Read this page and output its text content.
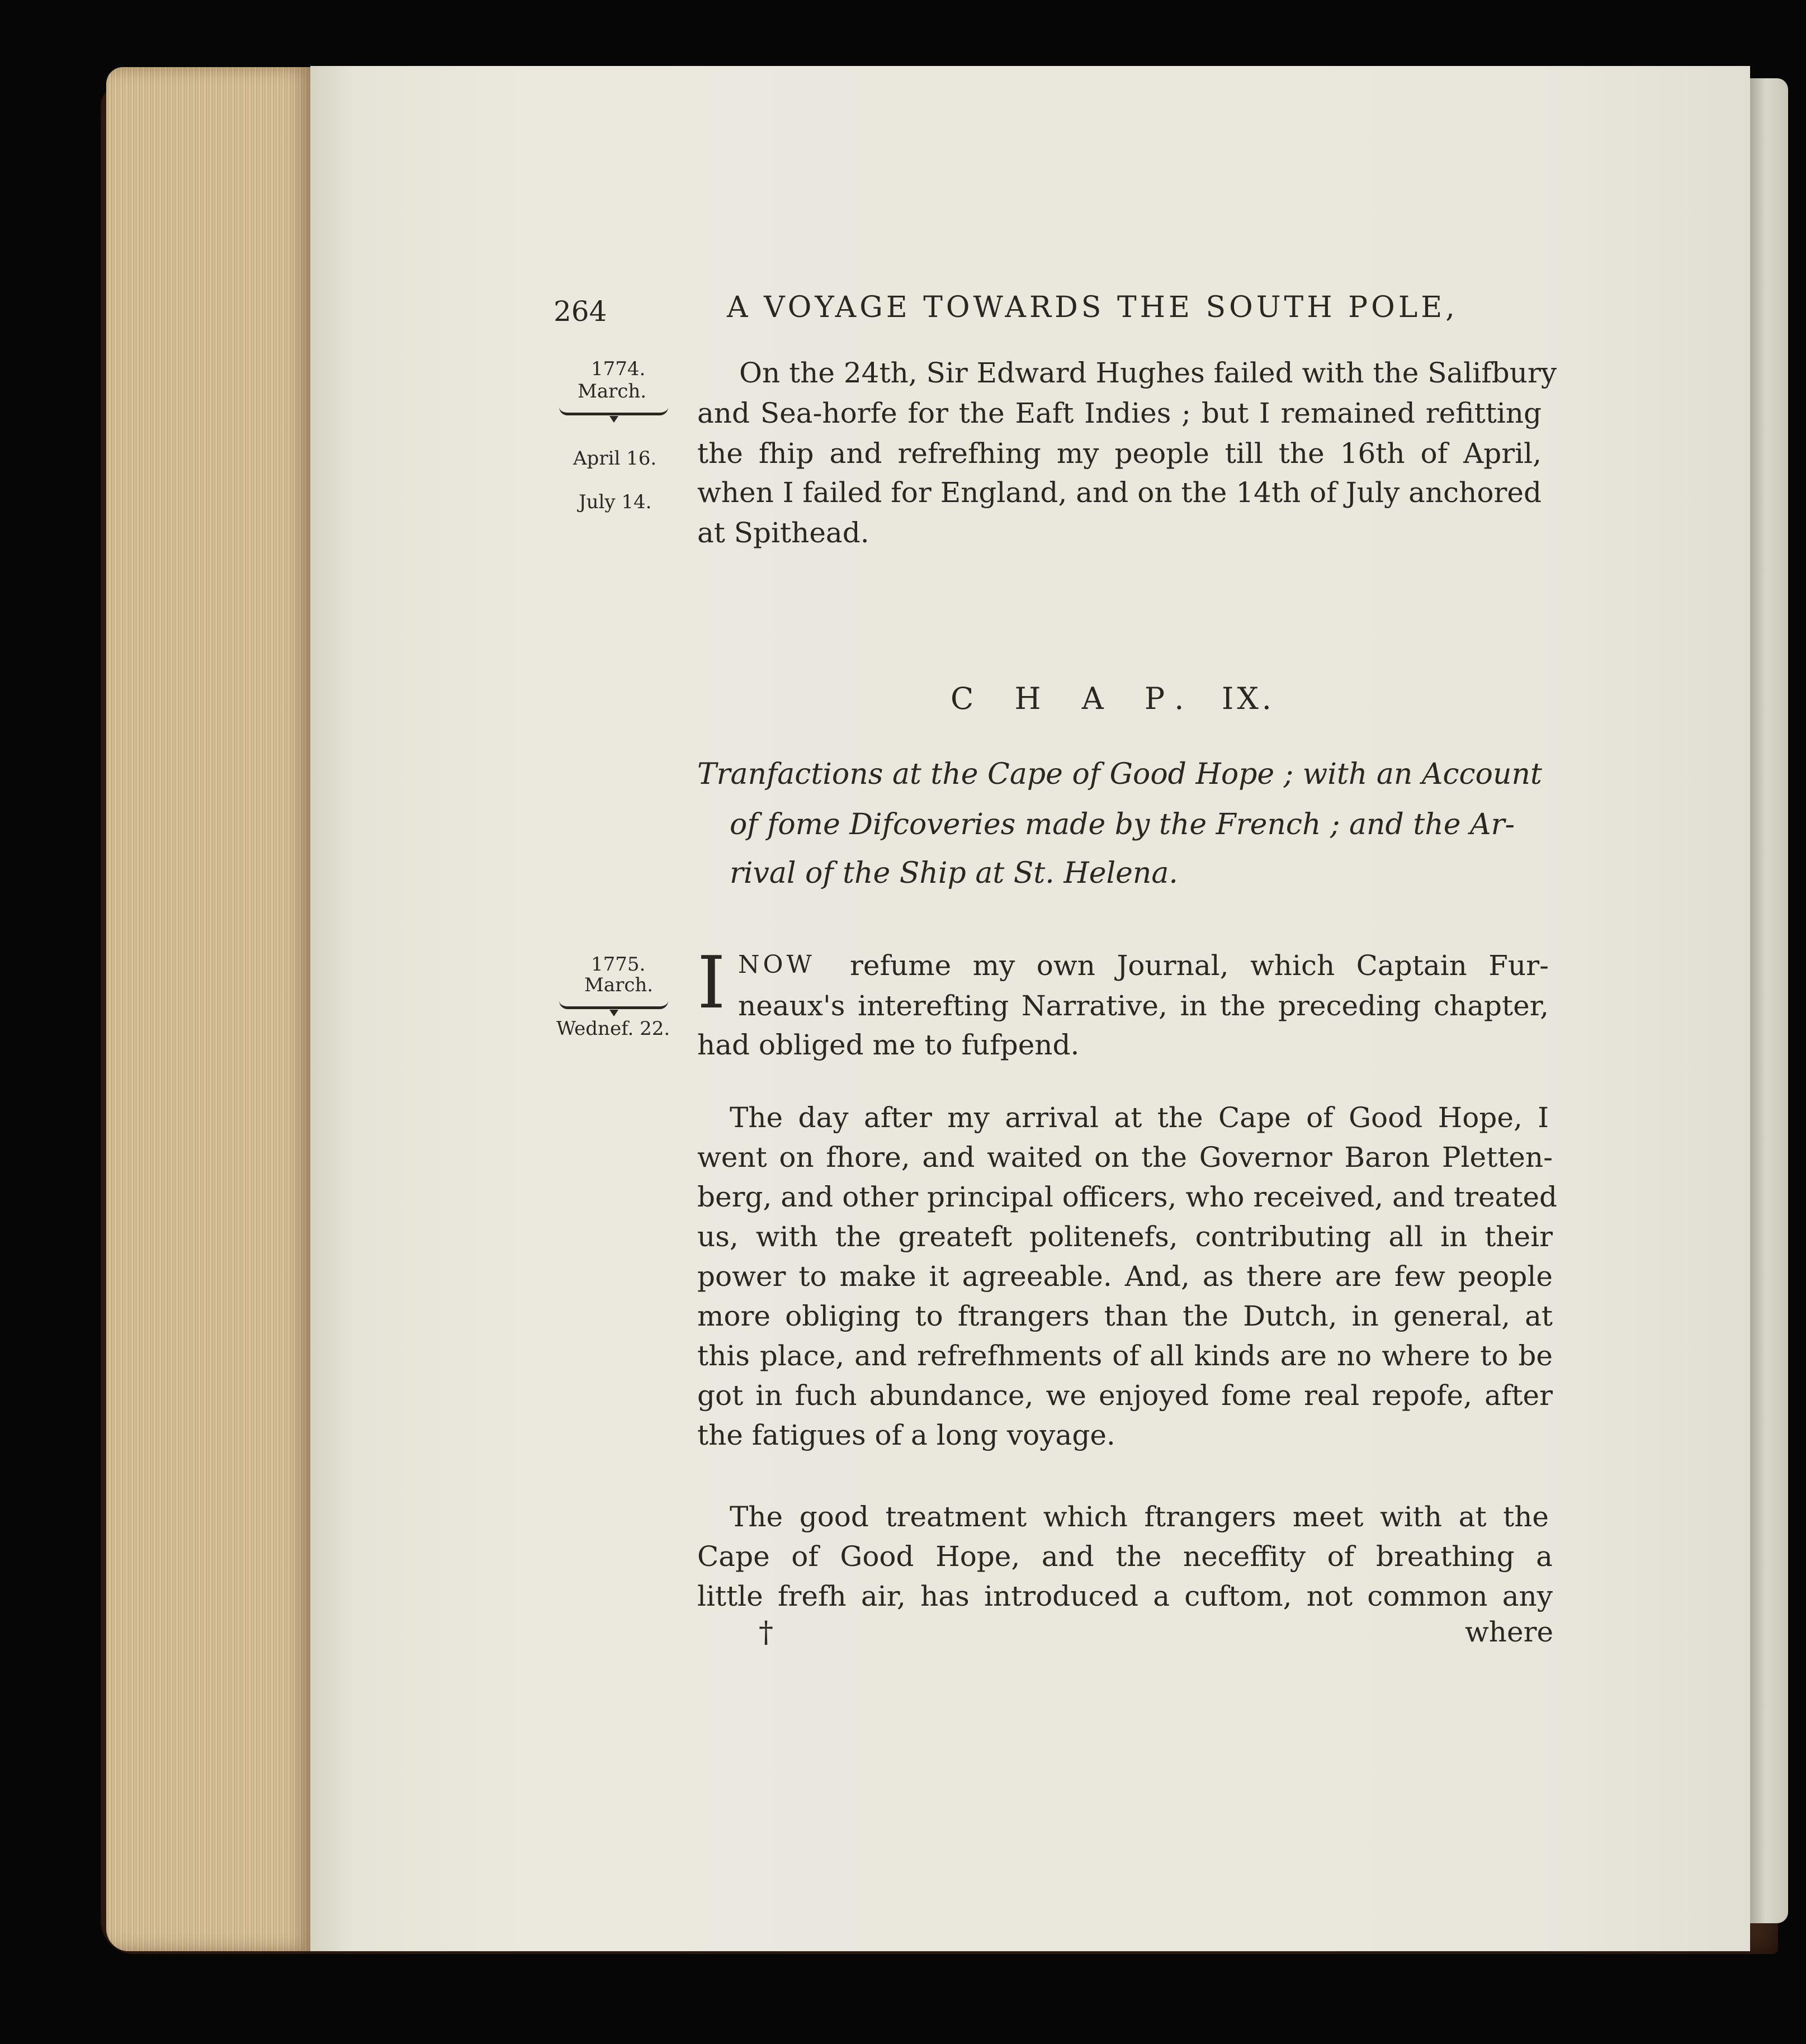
264	A VOYAGE TOWARDS THE SOUTH POLE,
1774.
March.
April 16.
July 14.
On the 24th, Sir Edward Hughes failed with the Salifbury
and Sea-horfe for the Eaft Indies ; but I remained refitting
the fhip and refrefhing my people till the 16th of April,
when I failed for England, and on the 14th of July anchored
at Spithead.
C H A P. IX.
Tranfactions at the Cape of Good Hope ; with an Account
of fome Difcoveries made by the French ; and the Ar-
rival of the Ship at St. Helena.
1775.
March.
Wednef. 22.
I NOW refume my own Journal, which Captain Fur-
neaux's interefting Narrative, in the preceding chapter,
had obliged me to fufpend.
The day after my arrival at the Cape of Good Hope, I
went on fhore, and waited on the Governor Baron Pletten-
berg, and other principal officers, who received, and treated
us, with the greateft politenefs, contributing all in their
power to make it agreeable. And, as there are few people
more obliging to ftrangers than the Dutch, in general, at
this place, and refrefhments of all kinds are no where to be
got in fuch abundance, we enjoyed fome real repofe, after
the fatigues of a long voyage.
The good treatment which ftrangers meet with at the
Cape of Good Hope, and the neceffity of breathing a
little frefh air, has introduced a cuftom, not common any
†	where
